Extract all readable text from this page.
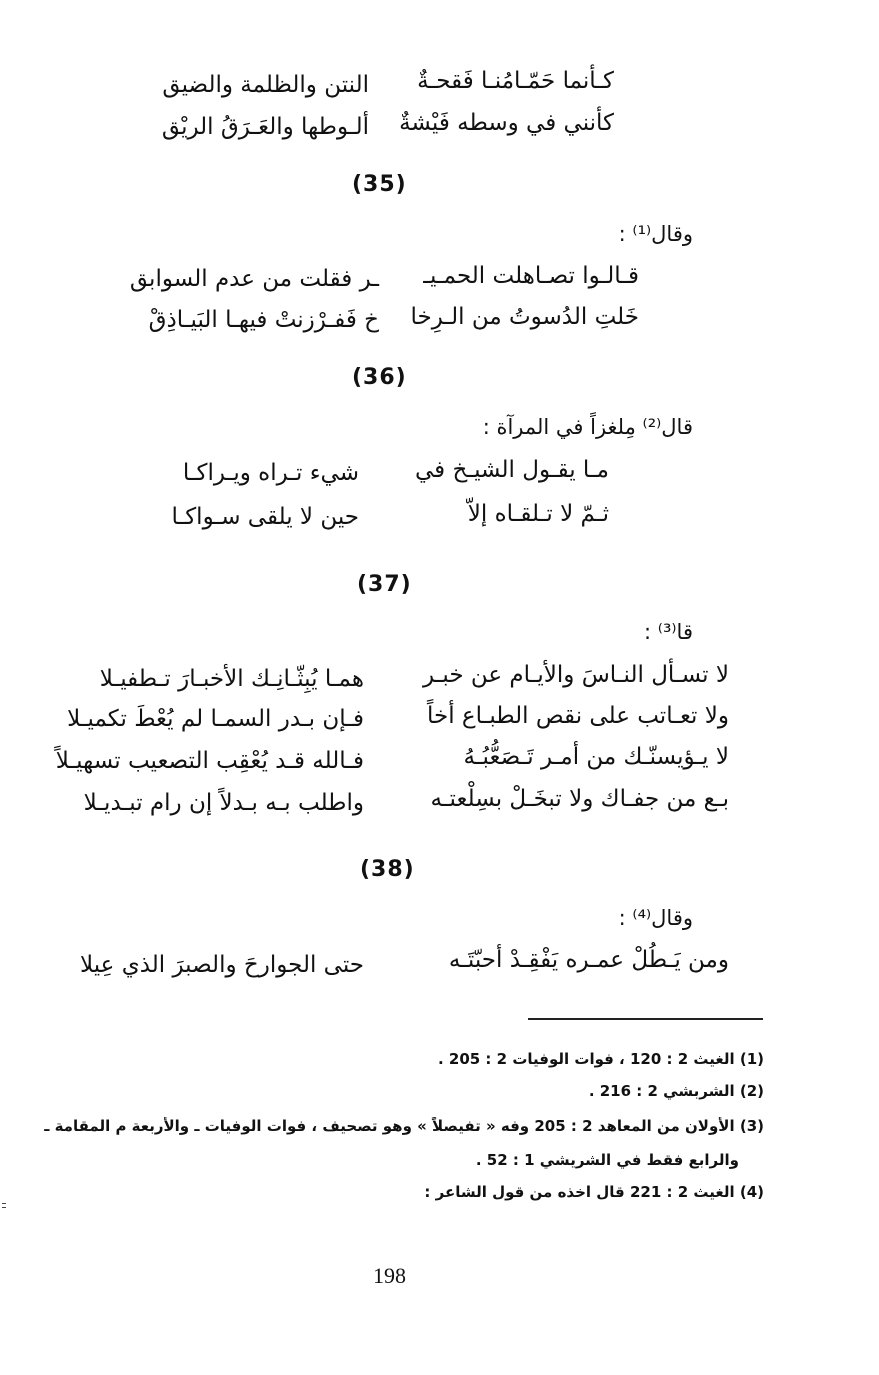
كـأنما حَمّـامُنـا فَقحـةٌ
النتن والظلمة والضيق
كأنني في وسطه فَيْشةٌ
ألـوطها والعَـرَقُ الريْق
(35)
وقال⁽¹⁾ :
قـالـوا تصـاهلت الحمـيـ
ـر فقلت من عدم السوابق
خَلتِ الدُسوتُ من الـرِخا
خ فَفـرْزنتْ فيهـا البَيـاذِقْ
(36)
قال⁽²⁾ مِلغزاً في المرآة :
مـا يقـول الشيـخ في
شيء تـراه ويـراكـا
ثـمّ لا تـلقـاه إلاّ
حين لا يلقى سـواكـا
(37)
قا⁽³⁾ :
لا تسـأل النـاسَ والأيـام عن خبـر
همـا يُبِثّـانِـك الأخبـارَ تـطفيـلا
ولا تعـاتب على نقص الطبـاع أخاً
فـإن بـدر السمـا لم يُعْطَ تكميـلا
لا يـؤيسنّـك من أمـر تَـصَعُّبُـهُ
فـالله قـد يُعْقِب التصعيب تسهيـلاً
بـع من جفـاك ولا تبخَـلْ بسِلْعتـه
واطلب بـه بـدلاً إن رام تبـديـلا
(38)
وقال⁽⁴⁾ :
ومن يَـطُلْ عمـره يَفْقِـدْ أحبّتَـه
حتى الجوارحَ والصبرَ الذي عِيلا
(1) الغيث 2 : 120 ، فوات الوفيات 2 : 205 .
(2) الشربشي 2 : 216 .
(3) الأولان من المعاهد 2 : 205 وفه « تفيصلاً » وهو تصحيف ، فوات الوفيات ـ والأربعة م المقامة ـ
والرابع فقط في الشريشي 1 : 52 .
(4) الغيث 2 : 221 قال اخذه من قول الشاعر :
198
